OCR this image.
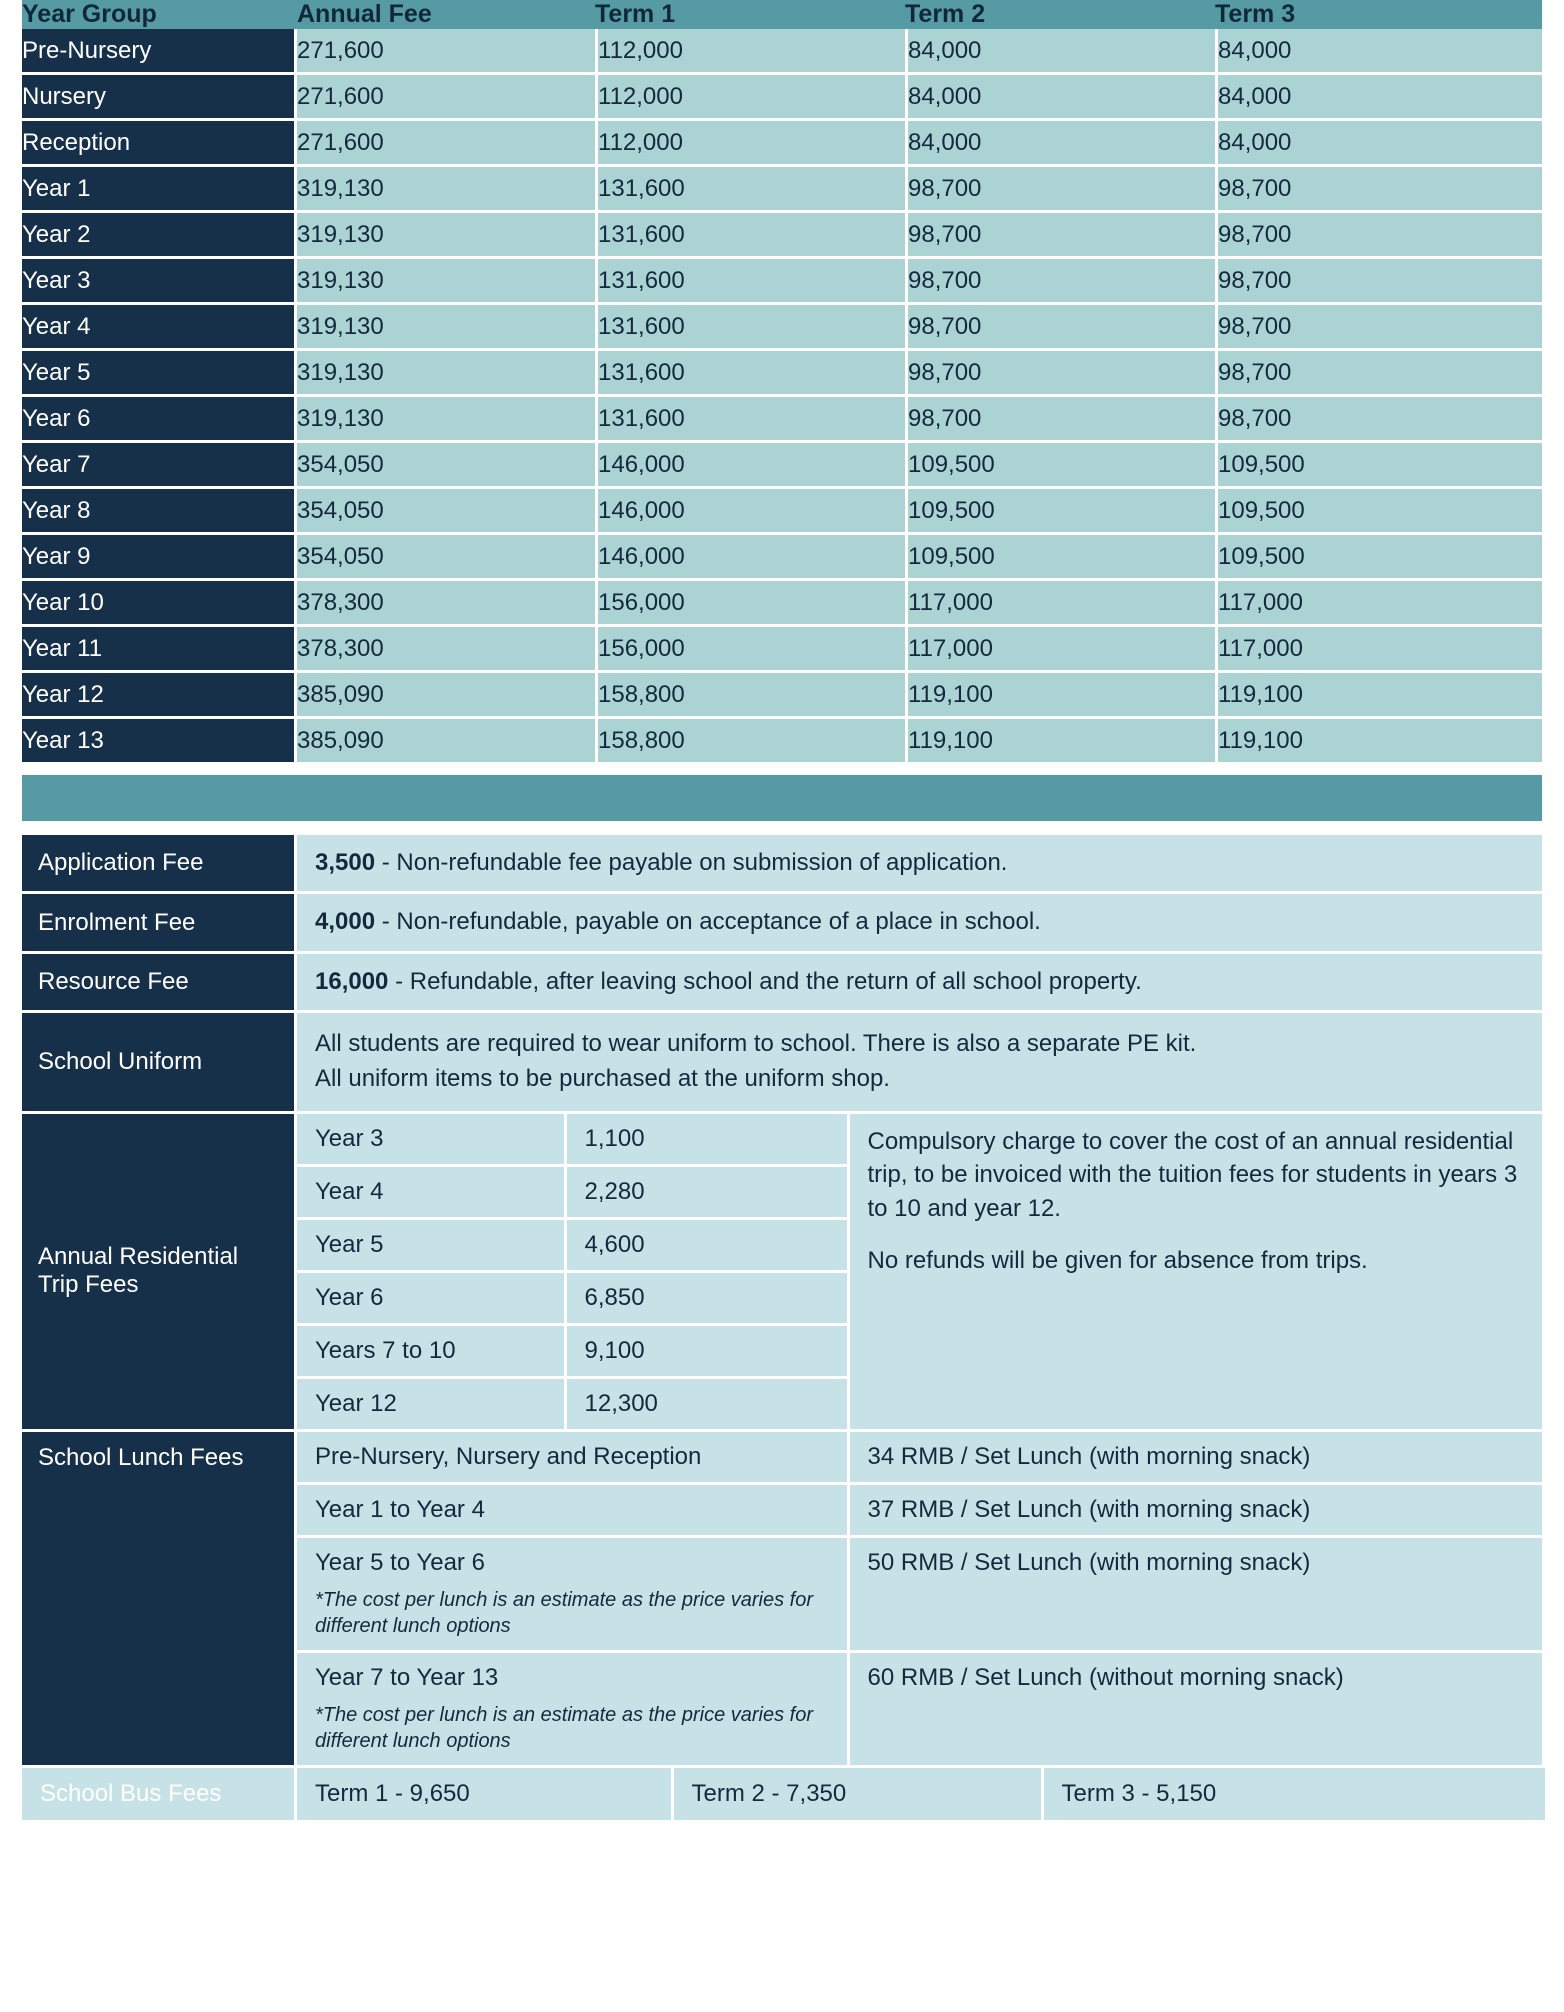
Year Group		Annual Fee	Term 1	Term 2	Term 3
Pre-Nursery		271,600	112,000	84,000	84,000
Nursery		271,600	112,000	84,000	84,000
Reception		271,600	112,000	84,000	84,000
Year 1		319,130	131,600	98,700	98,700
Year 2		319,130	131,600	98,700	98,700
Year 3		319,130	131,600	98,700	98,700
Year 4		319,130	131,600	98,700	98,700
Year 5		319,130	131,600	98,700	98,700
Year 6		319,130	131,600	98,700	98,700
Year 7		354,050	146,000	109,500	109,500
Year 8		354,050	146,000	109,500	109,500
Year 9		354,050	146,000	109,500	109,500
Year 10		378,300	156,000	117,000	117,000
Year 11		378,300	156,000	117,000	117,000
Year 12		385,090	158,800	119,100	119,100
Year 13		385,090	158,800	119,100	119,100
Application Fee	3,500 - Non-refundable fee payable on submission of application.
Enrolment Fee	4,000 - Non-refundable, payable on acceptance of a place in school.
Resource Fee	16,000 - Refundable, after leaving school and the return of all school property.
School Uniform	
All students are required to wear uniform to school. There is also a separate PE kit.
All uniform items to be purchased at the uniform shop.

Annual Residential Trip Fees	
Year 3	1,100	Compulsory charge to cover the cost of an annual residential trip, to be invoiced with the tuition fees for students in years 3 to 10 and year 12.

No refunds will be given for absence from trips.

Year 4	2,280
Year 5	4,600
Year 6	6,850
Years 7 to 10	9,100
Year 12	12,300

School Lunch Fees		Pre-Nursery, Nursery and Reception	34 RMB / Set Lunch (with morning snack)
Year 1 to Year 4	37 RMB / Set Lunch (with morning snack)
Year 5 to Year 6
*The cost per lunch is an estimate as the price varies for different lunch options
	50 RMB / Set Lunch (with morning snack)
Year 7 to Year 13
*The cost per lunch is an estimate as the price varies for different lunch options
	60 RMB / Set Lunch (without morning snack)

School Bus Fees		Term 1 - 9,650	Term 2 - 7,350	Term 3 - 5,150
